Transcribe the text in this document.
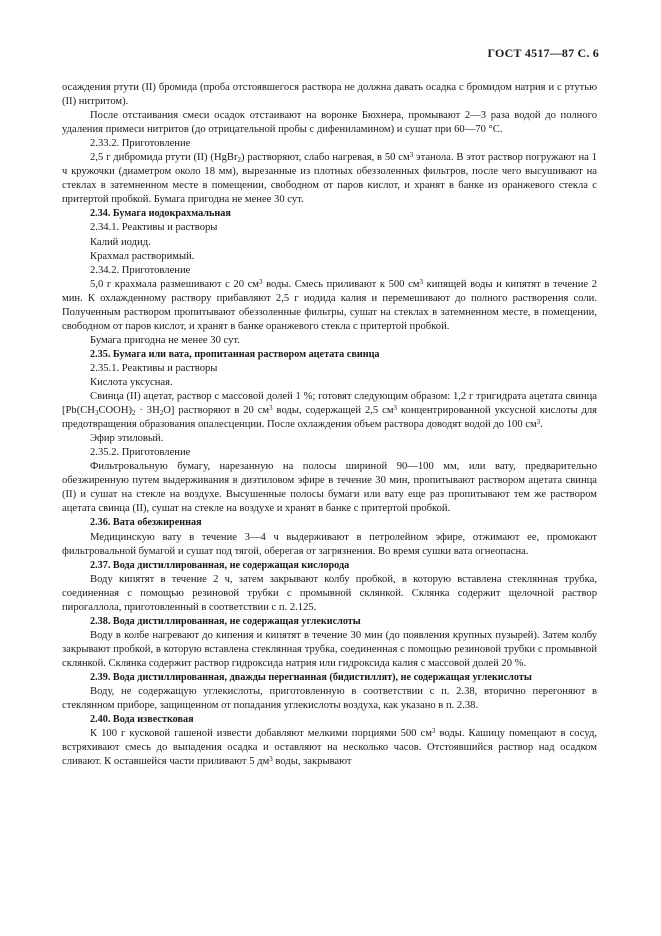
ГОСТ 4517—87 С. 6

осаждения ртути (II) бромида (проба отстоявшегося раствора не должна давать осадка с бромидом натрия и с ртутью (II) нитритом).

После отстаивания смеси осадок отстаивают на воронке Бюхнера, промывают 2—3 раза водой до полного удаления примеси нитритов (до отрицательной пробы с дифениламином) и сушат при 60—70 °С.

2.33.2. Приготовление

2,5 г дибромида ртути (II) (HgBr$_2$) растворяют, слабо нагревая, в 50 $см^3$ этанола. В этот раствор погружают на 1 ч кружочки (диаметром около 18 мм), вырезанные из плотных обеззоленных фильтров, после чего высушивают на стеклах в затемненном месте в помещении, свободном от паров кислот, и хранят в банке из оранжевого стекла с притертой пробкой. Бумага пригодна не менее 30 сут.

2.34. Бумага иодокрахмальная

2.34.1. Реактивы и растворы

Калий иодид.

Крахмал растворимый.

2.34.2. Приготовление

5,0 г крахмала размешивают с 20 $см^3$ воды. Смесь приливают к 500 $см^3$ кипящей воды и кипятят в течение 2 мин. К охлажденному раствору прибавляют 2,5 г иодида калия и перемешивают до полного растворения соли. Полученным раствором пропитывают обеззоленные фильтры, сушат на стеклах в затемненном месте, в помещении, свободном от паров кислот, и хранят в банке оранжевого стекла с притертой пробкой.

Бумага пригодна не менее 30 сут.

2.35. Бумага или вата, пропитанная раствором ацетата свинца

2.35.1. Реактивы и растворы

Кислота уксусная.

Свинца (II) ацетат, раствор с массовой долей 1 %; готовят следующим образом: 1,2 г тригидрата ацетата свинца $[Pb(CH_3COOH)_2 \cdot 3H_2O]$ растворяют в 20 $см^3$ воды, содержащей 2,5 $см^3$ концентрированной уксусной кислоты для предотвращения образования опалесценции. После охлаждения объем раствора доводят водой до 100 $см^3$.

Эфир этиловый.

2.35.2. Приготовление

Фильтровальную бумагу, нарезанную на полосы шириной 90—100 мм, или вату, предварительно обезжиренную путем выдерживания в диэтиловом эфире в течение 30 мин, пропитывают раствором ацетата свинца (II) и сушат на стекле на воздухе. Высушенные полосы бумаги или вату еще раз пропитывают тем же раствором ацетата свинца (II), сушат на стекле на воздухе и хранят в банке с притертой пробкой.

2.36. Вата обезжиренная

Медицинскую вату в течение 3—4 ч выдерживают в петролейном эфире, отжимают ее, промокают фильтровальной бумагой и сушат под тягой, оберегая от загрязнения. Во время сушки вата огнеопасна.

2.37. Вода дистиллированная, не содержащая кислорода

Воду кипятят в течение 2 ч, затем закрывают колбу пробкой, в которую вставлена стеклянная трубка, соединенная с помощью резиновой трубки с промывной склянкой. Склянка содержит щелочной раствор пирогаллола, приготовленный в соответствии с п. 2.125.

2.38. Вода дистиллированная, не содержащая углекислоты

Воду в колбе нагревают до кипения и кипятят в течение 30 мин (до появления крупных пузырей). Затем колбу закрывают пробкой, в которую вставлена стеклянная трубка, соединенная с помощью резиновой трубки с промывной склянкой. Склянка содержит раствор гидроксида натрия или гидроксида калия с массовой долей 20 %.

2.39. Вода дистиллированная, дважды перегнанная (бидистиллят), не содержащая углекислоты

Воду, не содержащую углекислоты, приготовленную в соответствии с п. 2.38, вторично перегоняют в стеклянном приборе, защищенном от попадания углекислоты воздуха, как указано в п. 2.38.

2.40. Вода известковая

К 100 г кусковой гашеной извести добавляют мелкими порциями 500 $см^3$ воды. Кашицу помещают в сосуд, встряхивают смесь до выпадения осадка и оставляют на несколько часов. Отстоявшийся раствор над осадком сливают. К оставшейся части приливают 5 $дм^3$ воды, закрывают
